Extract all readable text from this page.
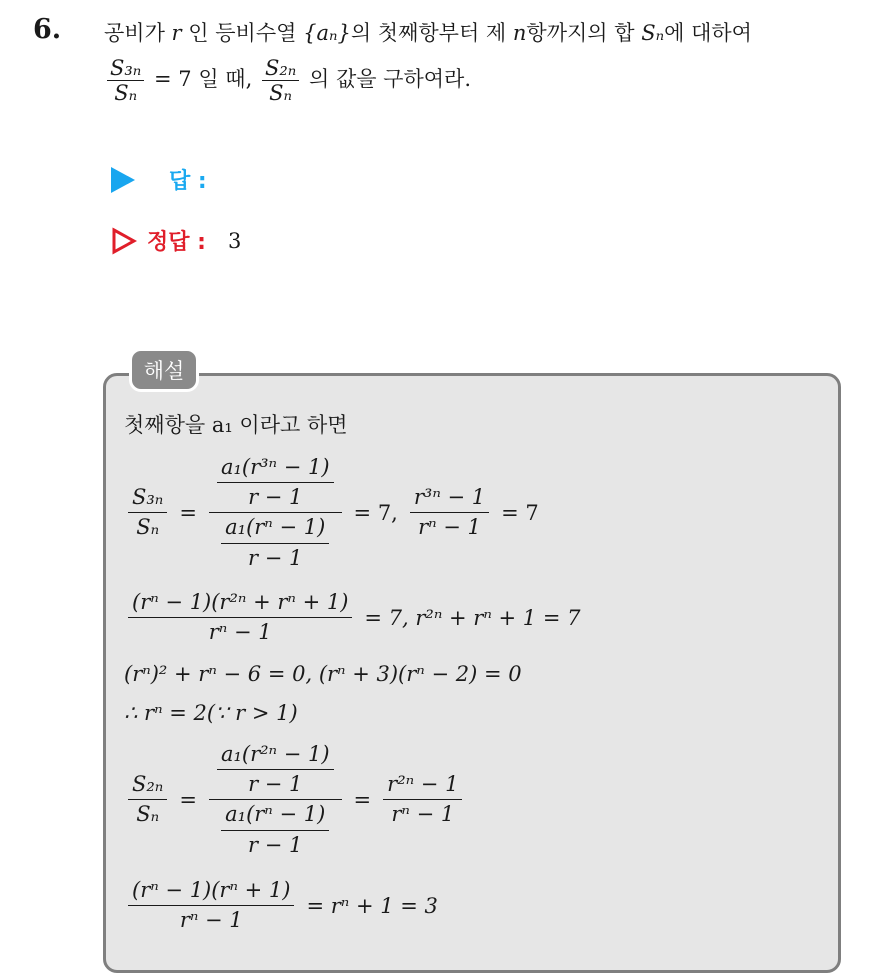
6. 공비가 r 인 등비수열 {aₙ}의 첫째항부터 제 n항까지의 합 Sₙ에 대하여
$\frac{\text{S₃ₙ}}{\text{Sₙ}} = 7$ 일 때, $\frac{\text{S₂ₙ}}{\text{Sₙ}}$ 의 값을 구하여라.
답 :
정답 : 3
해설
첫째항을 a₁ 이라고 하면
$\frac{\text{S₃ₙ}}{\text{Sₙ}} = \frac{\frac{\text{a₁(r³ⁿ − 1)}}{r - 1}}{\frac{\text{a₁(rⁿ − 1)}}{r - 1}} = 7$, $\frac{\text{r³ⁿ − 1}}{\text{rⁿ − 1}} = 7$
$\frac{\text{(rⁿ − 1)(r²ⁿ + rⁿ + 1)}}{\text{rⁿ − 1}} = 7$, r²ⁿ + rⁿ + 1 = 7
(rⁿ)² + rⁿ − 6 = 0, (rⁿ + 3)(rⁿ − 2) = 0
∴ rⁿ = 2(∵ r > 1)
$\frac{\text{S₂ₙ}}{\text{Sₙ}} = \frac{\frac{\text{a₁(r²ⁿ − 1)}}{r - 1}}{\frac{\text{a₁(rⁿ − 1)}}{r - 1}} = \frac{\text{r²ⁿ − 1}}{\text{rⁿ − 1}}$
$\frac{\text{(rⁿ − 1)(rⁿ + 1)}}{\text{rⁿ − 1}} = r^n + 1 = 3$
